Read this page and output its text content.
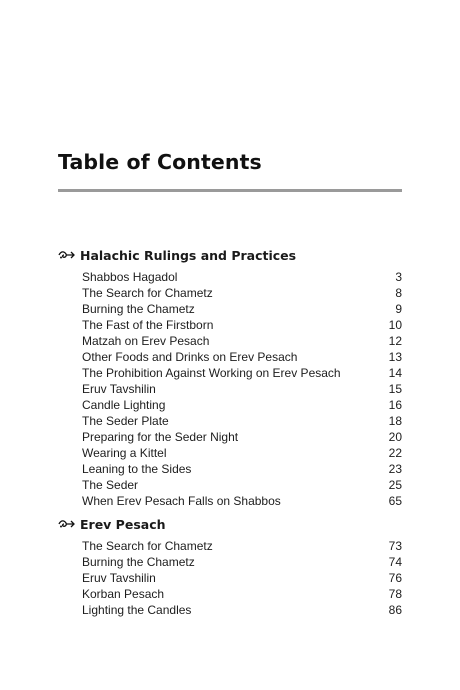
Table of Contents
Halachic Rulings and Practices
Shabbos Hagadol	3
The Search for Chametz	8
Burning the Chametz	9
The Fast of the Firstborn	10
Matzah on Erev Pesach	12
Other Foods and Drinks on Erev Pesach	13
The Prohibition Against Working on Erev Pesach	14
Eruv Tavshilin	15
Candle Lighting	16
The Seder Plate	18
Preparing for the Seder Night	20
Wearing a Kittel	22
Leaning to the Sides	23
The Seder	25
When Erev Pesach Falls on Shabbos	65
Erev Pesach
The Search for Chametz	73
Burning the Chametz	74
Eruv Tavshilin	76
Korban Pesach	78
Lighting the Candles	86
